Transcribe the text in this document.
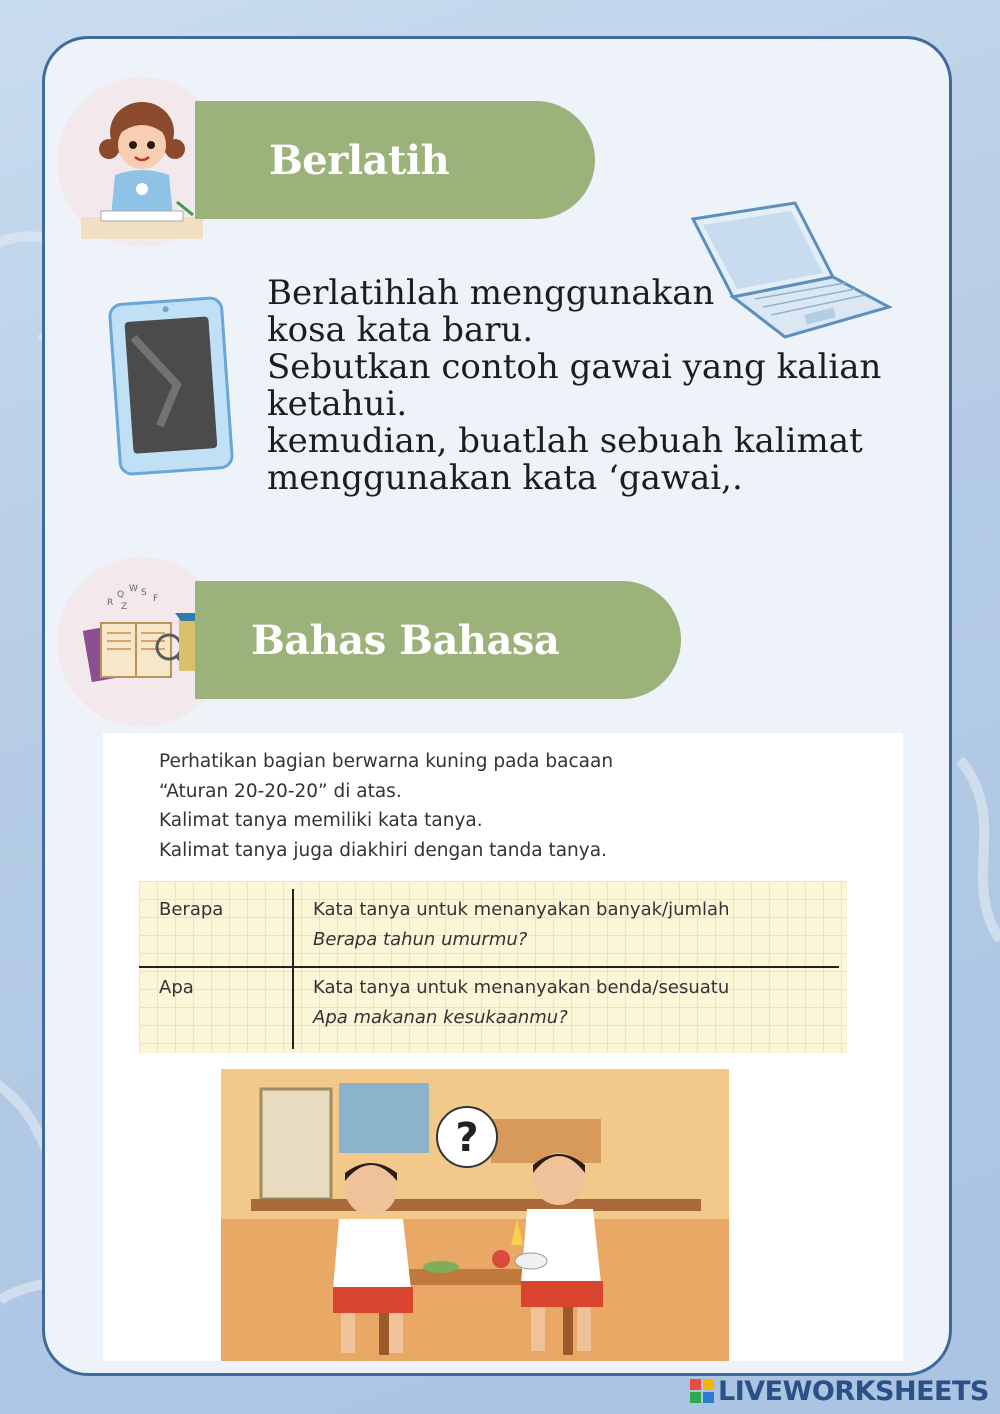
Berlatih
Berlatihlah menggunakan
kosa kata baru.
Sebutkan contoh gawai yang kalian
ketahui.
kemudian, buatlah sebuah kalimat
menggunakan kata ‘gawai,.
Q
W S
R	F
Z
Bahas Bahasa
Perhatikan bagian berwarna kuning pada bacaan
“Aturan 20-20-20” di atas.
Kalimat tanya memiliki kata tanya.
Kalimat tanya juga diakhiri dengan tanda tanya.
Berapa	Kata tanya untuk menanyakan banyak/jumlah
Berapa tahun umurmu?
Apa	Kata tanya untuk menanyakan benda/sesuatu
Apa makanan kesukaanmu?
?
LIVEWORKSHEETS
